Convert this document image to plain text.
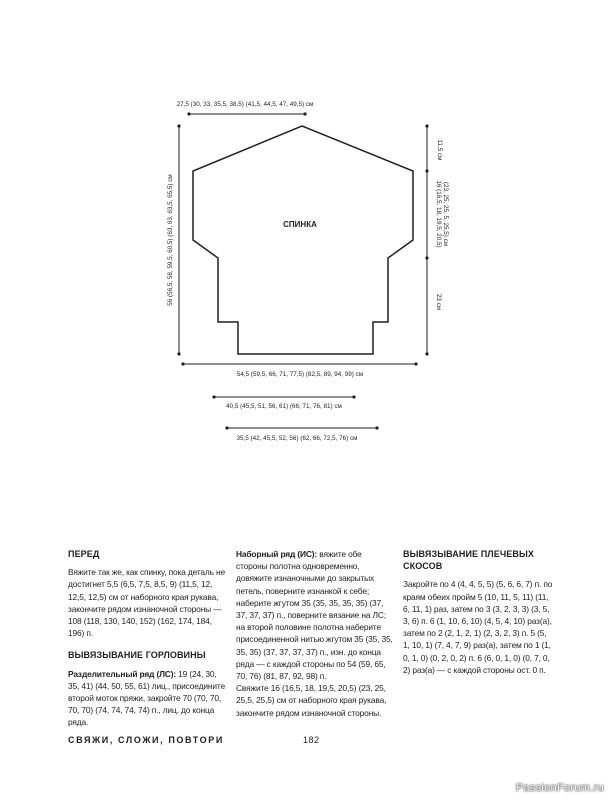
27,5 (30, 33, 35,5, 38,5) (41,5, 44,5, 47, 49,5) см
56 (56,5, 58, 59,5, 60,5) (63, 63, 63,5, 65,5) см
11,5 см
16 (16,5, 18, 19,5, 20,5) (23, 25, 25, 5, 25,5) см
23 см
СПИНКА
54,5 (59,5, 66, 71, 77,5) (82,5, 89, 94, 99) см
40,5 (45,5, 51, 56, 61) (66, 71, 76, 81) см
35,5 (42, 45,5, 52, 56) (62, 66, 72,5, 76) см
ПЕРЕД

Вяжите так же, как спинку, пока деталь не достигнет 5,5 (6,5, 7,5, 8,5, 9) (11,5, 12, 12,5, 12,5) см от наборного края рукава, закончите рядом изнаночной стороны — 108 (118, 130, 140, 152) (162, 174, 184, 196) п.

ВЫВЯЗЫВАНИЕ ГОРЛОВИНЫ

Разделительный ряд (ЛС): 19 (24, 30, 35, 41) (44, 50, 55, 61) лиц., присоедините второй моток пряжи, закройте 70 (70, 70, 70, 70) (74, 74, 74, 74) п., лиц. до конца ряда.

Наборный ряд (ИС): вяжите обе стороны полотна одновременно, довяжите изнаночными до закрытых петель, поверните изнанкой к себе; наберите жгутом 35 (35, 35, 35, 35) (37, 37, 37, 37) п., поверните вязание на ЛС; на второй половине полотна наберите присоединенной нитью жгутом 35 (35, 35, 35, 35) (37, 37, 37, 37) п., изн. до конца ряда — с каждой стороны по 54 (59, 65, 70, 76) (81, 87, 92, 98) п.

Свяжите 16 (16,5, 18, 19,5, 20,5) (23, 25, 25,5, 25,5) см от наборного края рукава, закончите рядом изнаночной стороны.

ВЫВЯЗЫВАНИЕ ПЛЕЧЕВЫХ СКОСОВ

Закройте по 4 (4, 4, 5, 5) (5, 6, 6, 7) п. по краям обеих пройм 5 (10, 11, 5, 11) (11, 6, 11, 1) раз, затем по 3 (3, 2, 3, 3) (3, 5, 3, 6) п. 6 (1, 10, 6, 10) (4, 5, 4, 10) раз(а), затем по 2 (2, 1, 2, 1) (2, 3, 2, 3) п. 5 (5, 1, 10, 1) (7, 4, 7, 9) раз(а), затем по 1 (1, 0, 1, 0) (0, 2, 0, 2) п. 6 (6, 0, 1, 0) (0, 7, 0, 2) раз(а) — с каждой стороны ост. 0 п.

СВЯЖИ, СЛОЖИ, ПОВТОРИ	182
PassionForum.ru
